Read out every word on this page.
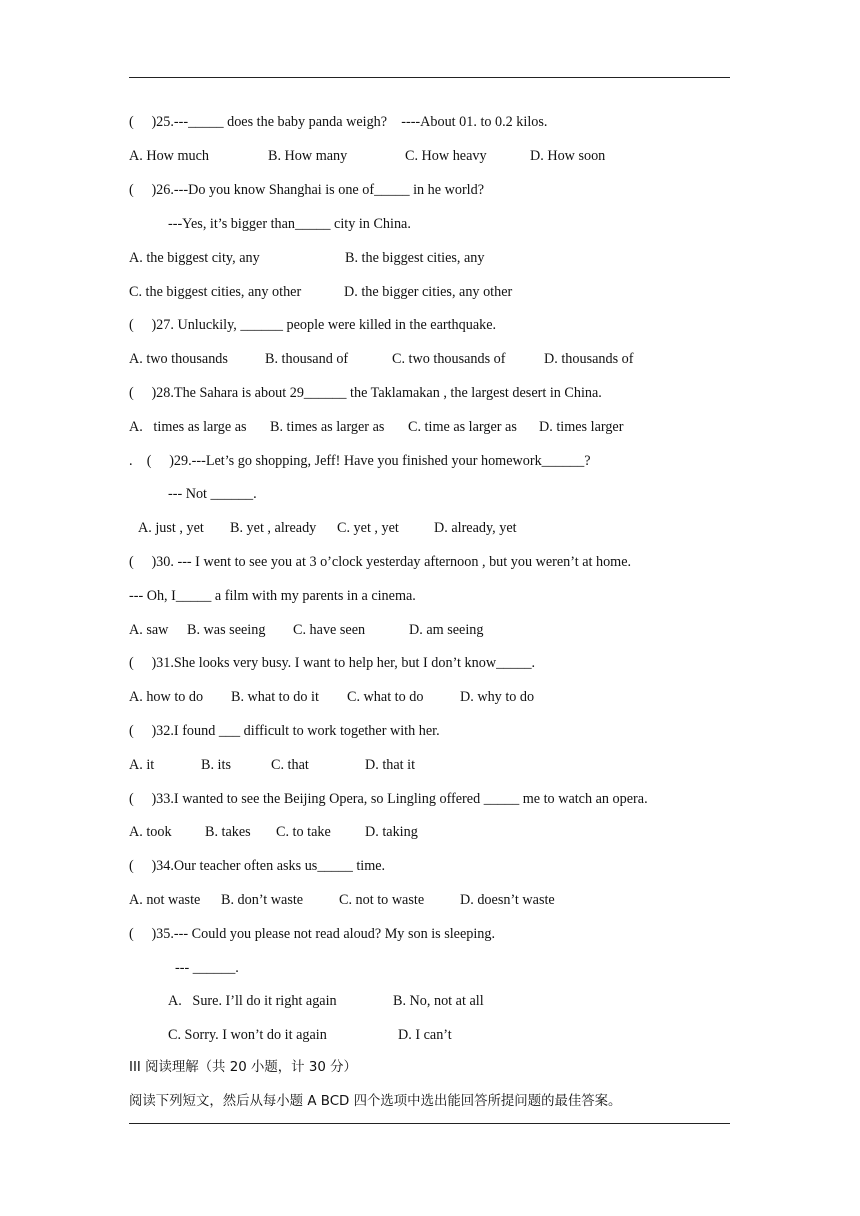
(     )25.---_____ does the baby panda weigh?    ----About 01. to 0.2 kilos.

A. How much

	B. How many

	C. How heavy

	D. How soon

(     )26.---Do you know Shanghai is one of_____ in he world?
---Yes, it’s bigger than_____ city in China.

A. the biggest city, any

	B. the biggest cities, any

C. the biggest cities, any other

	D. the bigger cities, any other

(     )27. Unluckily, ______ people were killed in the earthquake.

A. two thousands

	B. thousand of

	C. two thousands of

	D. thousands of

(     )28.The Sahara is about 29______ the Taklamakan , the largest desert in China.

A.   times as large as

B. times as larger as

C. time as larger as

D. times larger

.    (     )29.---Let’s go shopping, Jeff! Have you finished your homework______?
--- Not ______.

A. just , yet

B. yet , already

C. yet , yet

D. already, yet

(     )30. --- I went to see you at 3 o’clock yesterday afternoon , but you weren’t at home.
--- Oh, I_____ a film with my parents in a cinema.

A. saw

B. was seeing

C. have seen

	D. am seeing

(     )31.She looks very busy. I want to help her, but I don’t know_____.

A. how to do

B. what to do it

C. what to do

	D. why to do

(     )32.I found ___ difficult to work together with her.

A. it

	B. its

	C. that

	D. that it

(     )33.I wanted to see the Beijing Opera, so Lingling offered _____ me to watch an opera.

A. took

B. takes

C. to take

D. taking

(     )34.Our teacher often asks us_____ time.

A. not waste

B. don’t waste

	C. not to waste

	D. doesn’t waste

(     )35.--- Could you please not read aloud? My son is sleeping.
--- ______.

A.   Sure. I’ll do it right again

	B. No, not at all

C. Sorry. I won’t do it again

	D. I can’t

III 阅读理解（共 20 小题，计 30 分）
阅读下列短文，然后从每小题 A BCD 四个选项中选出能回答所提问题的最佳答案。
